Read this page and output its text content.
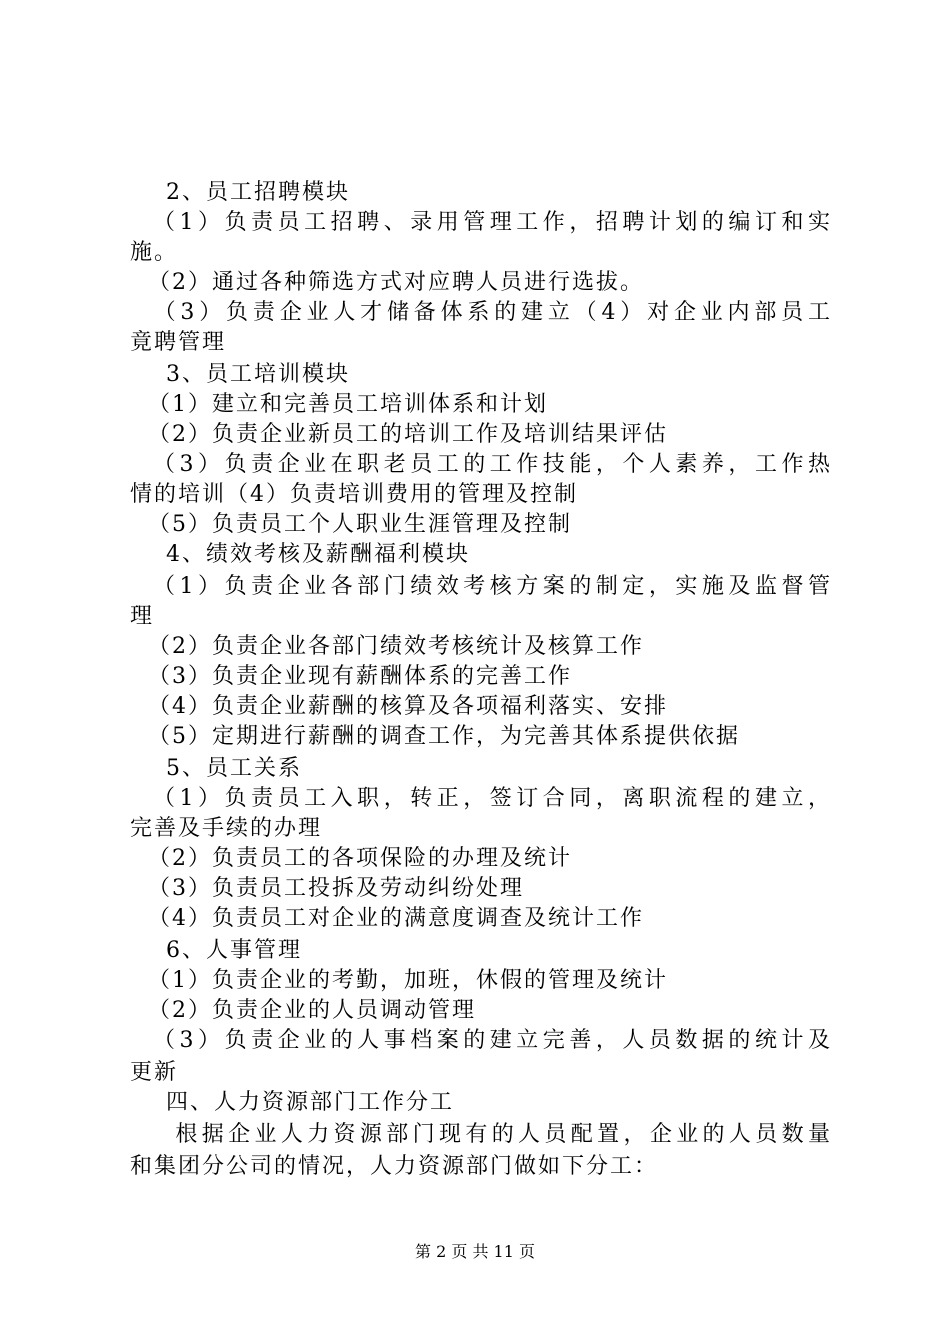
2、员工招聘模块
（1）负责员工招聘、录用管理工作，招聘计划的编订和实
施。
（2）通过各种筛选方式对应聘人员进行选拔。
（3）负责企业人才储备体系的建立（4）对企业内部员工
竟聘管理
3、员工培训模块
（1）建立和完善员工培训体系和计划
（2）负责企业新员工的培训工作及培训结果评估
（3）负责企业在职老员工的工作技能，个人素养，工作热
情的培训（4）负责培训费用的管理及控制
（5）负责员工个人职业生涯管理及控制
4、绩效考核及薪酬福利模块
（1）负责企业各部门绩效考核方案的制定，实施及监督管
理
（2）负责企业各部门绩效考核统计及核算工作
（3）负责企业现有薪酬体系的完善工作
（4）负责企业薪酬的核算及各项福利落实、安排
（5）定期进行薪酬的调查工作，为完善其体系提供依据
5、员工关系
（1）负责员工入职，转正，签订合同，离职流程的建立，
完善及手续的办理
（2）负责员工的各项保险的办理及统计
（3）负责员工投拆及劳动纠纷处理
（4）负责员工对企业的满意度调查及统计工作
6、人事管理
（1）负责企业的考勤，加班，休假的管理及统计
（2）负责企业的人员调动管理
（3）负责企业的人事档案的建立完善，人员数据的统计及
更新
四、人力资源部门工作分工
根据企业人力资源部门现有的人员配置，企业的人员数量
和集团分公司的情况，人力资源部门做如下分工：
第 2 页 共 11 页
